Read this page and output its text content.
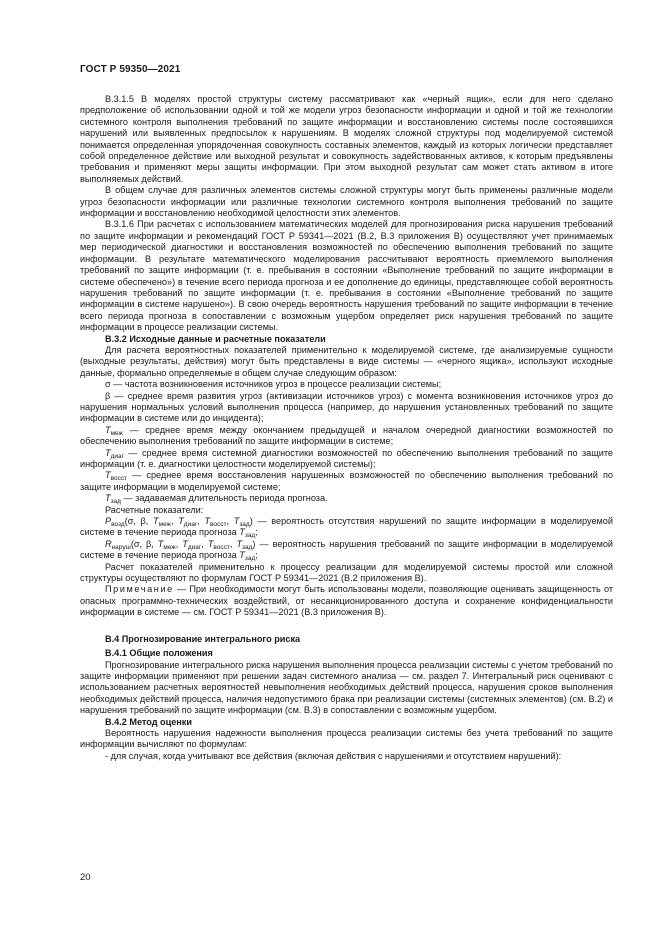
ГОСТ Р 59350—2021

В.3.1.5 В моделях простой структуры систему рассматривают как «черный ящик», если для него сделано предположение об использовании одной и той же модели угроз безопасности информации и одной и той же технологии системного контроля выполнения требований по защите информации и восстановлению системы после состоявшихся нарушений или выявленных предпосылок к нарушениям. В моделях сложной структуры под моделируемой системой понимается определенная упорядоченная совокупность составных элементов, каждый из которых логически представляет собой определенное действие или выходной результат и совокупность задействованных активов, к которым предъявлены требования и применяют меры защиты информации. При этом выходной результат сам может стать активом в итоге выполняемых действий.

В общем случае для различных элементов системы сложной структуры могут быть применены различные модели угроз безопасности информации или различные технологии системного контроля выполнения требований по защите информации и восстановлению необходимой целостности этих элементов.

В.3.1.6 При расчетах с использованием математических моделей для прогнозирования риска нарушения требований по защите информации и рекомендаций ГОСТ Р 59341—2021 (В.2, В.3 приложения В) осуществляют учет принимаемых мер периодической диагностики и восстановления возможностей по обеспечению выполнения требований по защите информации. В результате математического моделирования рассчитывают вероятность приемлемого выполнения требований по защите информации (т. е. пребывания в состоянии «Выполнение требований по защите информации в системе обеспечено») в течение всего периода прогноза и ее дополнение до единицы, представляющее собой вероятность нарушения требований по защите информации (т. е. пребывания в состоянии «Выполнение требований по защите информации в системе нарушено»). В свою очередь вероятность нарушения требований по защите информации в течение всего периода прогноза в сопоставлении с возможным ущербом определяет риск нарушения требований по защите информации в процессе реализации системы.

В.3.2 Исходные данные и расчетные показатели

Для расчета вероятностных показателей применительно к моделируемой системе, где анализируемые сущности (выходные результаты, действия) могут быть представлены в виде системы — «черного ящика», используют исходные данные, формально определяемые в общем случае следующим образом:

σ — частота возникновения источников угроз в процессе реализации системы;

β — среднее время развития угроз (активизации источников угроз) с момента возникновения источников угроз до нарушения нормальных условий выполнения процесса (например, до нарушения установленных требований по защите информации в системе или до инцидента);

$T_{меж}$ — среднее время между окончанием предыдущей и началом очередной диагностики возможностей по обеспечению выполнения требований по защите информации в системе;

$T_{диаг}$ — среднее время системной диагностики возможностей по обеспечению выполнения требований по защите информации (т. е. диагностики целостности моделируемой системы);

$T_{восст}$ — среднее время восстановления нарушенных возможностей по обеспечению выполнения требований по защите информации в моделируемой системе;

$T_{зад}$ — задаваемая длительность периода прогноза.

Расчетные показатели:

$P_{возд}(\sigma$, β, $T_{меж}$, $T_{диаг}$, $T_{восст}$, $T_{зад}$) — вероятность отсутствия нарушений по защите информации в моделируемой системе в течение периода прогноза $T_{зад}$;

$R_{наруш}(\sigma$, β, $T_{меж}$, $T_{диаг}$, $T_{восст}$, $T_{зад}$) — вероятность нарушения требований по защите информации в моделируемой системе в течение периода прогноза $T_{зад}$;

Расчет показателей применительно к процессу реализации для моделируемой системы простой или сложной структуры осуществляют по формулам ГОСТ Р 59341—2021 (В.2 приложения В).

Примечание — При необходимости могут быть использованы модели, позволяющие оценивать защищенность от опасных программно-технических воздействий, от несанкционированного доступа и сохранение конфиденциальности информации в системе — см. ГОСТ Р 59341—2021 (В.3 приложения В).

В.4 Прогнозирование интегрального риска

В.4.1 Общие положения

Прогнозирование интегрального риска нарушения выполнения процесса реализации системы с учетом требований по защите информации применяют при решении задач системного анализа — см. раздел 7. Интегральный риск оценивают с использованием расчетных вероятностей невыполнения необходимых действий процесса, нарушения сроков выполнения необходимых действий процесса, наличия недопустимого брака при реализации системы (системных элементов) (см. В.2) и нарушения требований по защите информации (см. В.3) в сопоставлении с возможным ущербом.

В.4.2 Метод оценки

Вероятность нарушения надежности выполнения процесса реализации системы без учета требований по защите информации вычисляют по формулам:

- для случая, когда учитывают все действия (включая действия с нарушениями и отсутствием нарушений):

20
